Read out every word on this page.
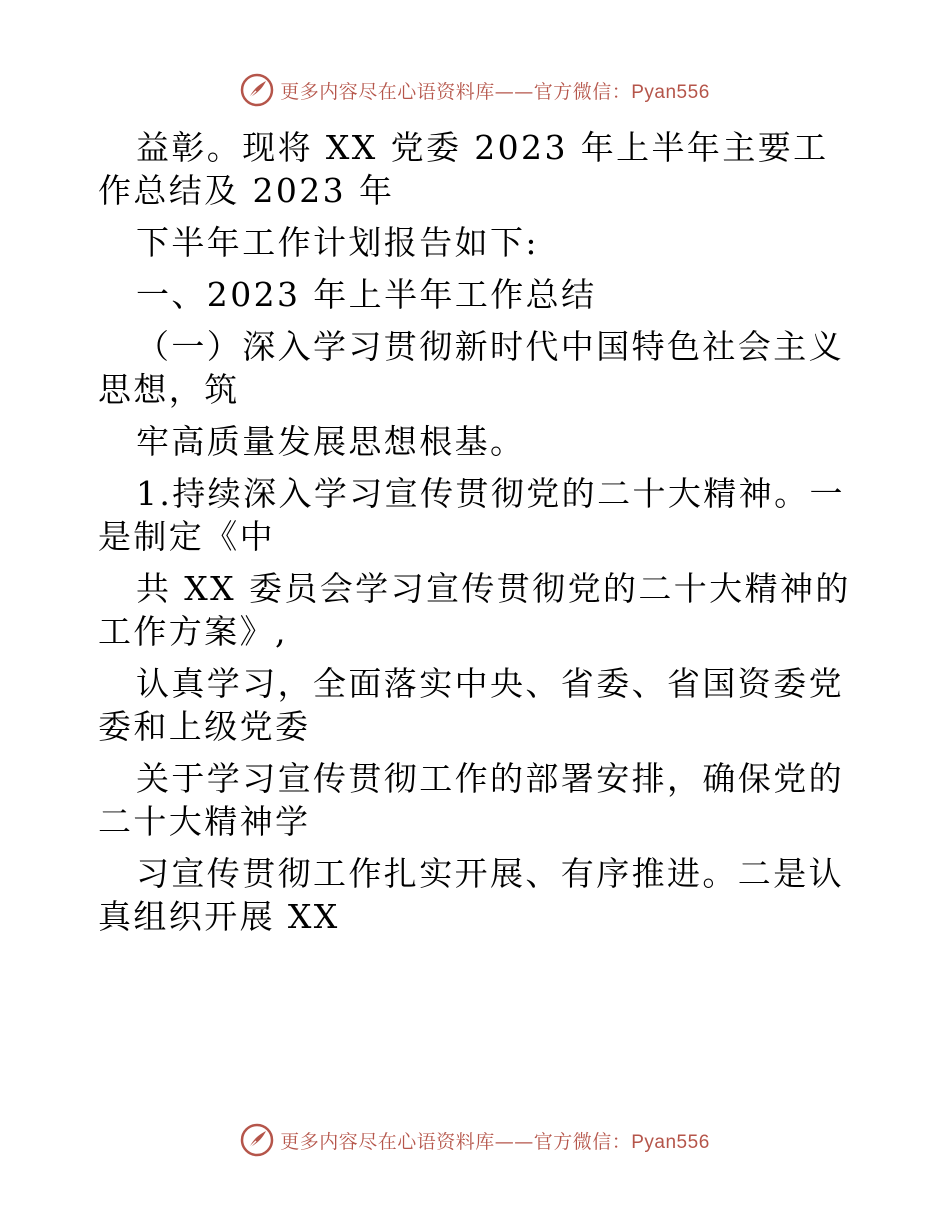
更多内容尽在心语资料库——官方微信：Pyan556

益彰。现将 XX 党委 2023 年上半年主要工作总结及 2023 年

下半年工作计划报告如下:

一、2023 年上半年工作总结

（一）深入学习贯彻新时代中国特色社会主义思想，筑

牢高质量发展思想根基。

1.持续深入学习宣传贯彻党的二十大精神。一是制定《中

共 XX 委员会学习宣传贯彻党的二十大精神的工作方案》,

认真学习，全面落实中央、省委、省国资委党委和上级党委

关于学习宣传贯彻工作的部署安排，确保党的二十大精神学

习宣传贯彻工作扎实开展、有序推进。二是认真组织开展 XX

更多内容尽在心语资料库——官方微信：Pyan556
